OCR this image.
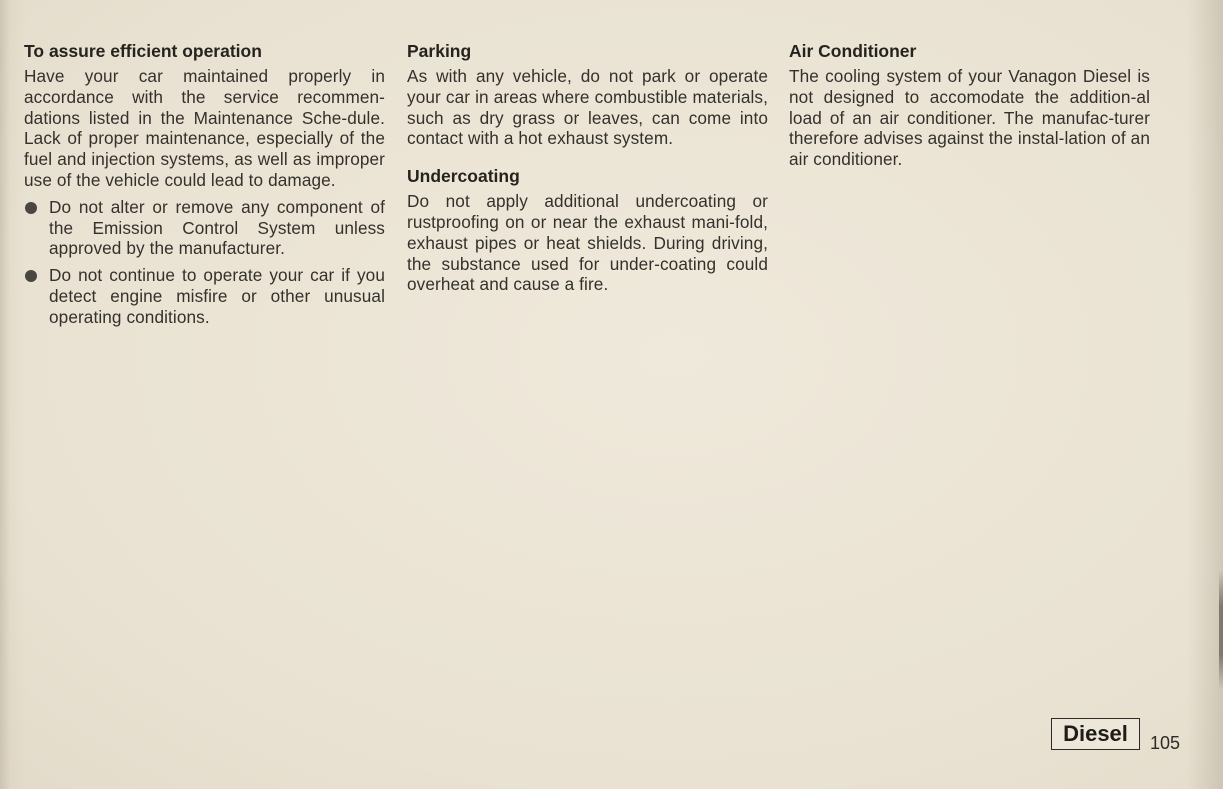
To assure efficient operation

Have your car maintained properly in accordance with the service recommen-dations listed in the Maintenance Sche-dule. Lack of proper maintenance, especially of the fuel and injection systems, as well as improper use of the vehicle could lead to damage.

Do not alter or remove any component of the Emission Control System unless approved by the manufacturer.

Do not continue to operate your car if you detect engine misfire or other unusual operating conditions.

Parking

As with any vehicle, do not park or operate your car in areas where combustible materials, such as dry grass or leaves, can come into contact with a hot exhaust system.

Undercoating

Do not apply additional undercoating or rustproofing on or near the exhaust mani-fold, exhaust pipes or heat shields. During driving, the substance used for under-coating could overheat and cause a fire.

Air Conditioner

The cooling system of your Vanagon Diesel is not designed to accomodate the addition-al load of an air conditioner. The manufac-turer therefore advises against the instal-lation of an air conditioner.

Diesel	105
